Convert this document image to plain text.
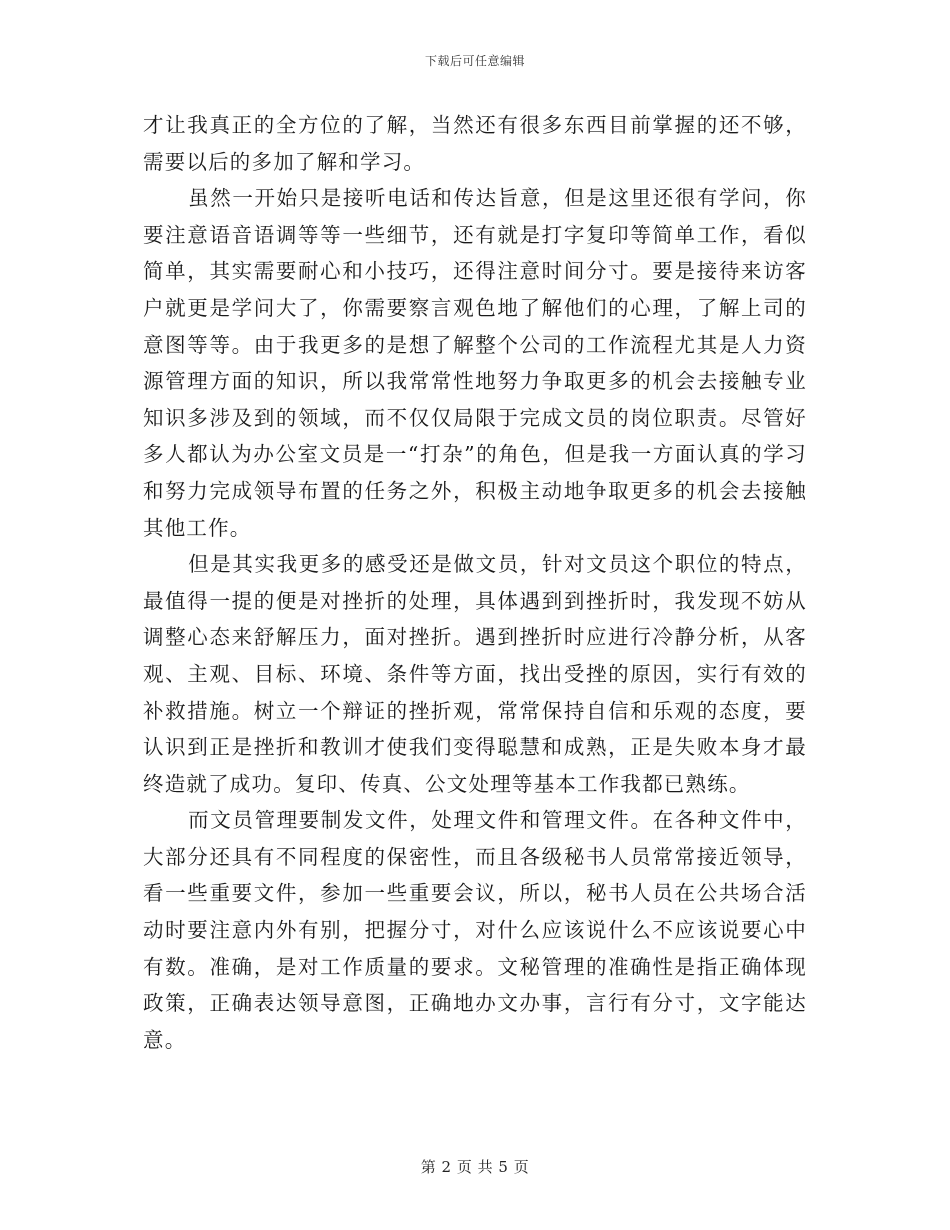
下载后可任意编辑

才让我真正的全方位的了解，当然还有很多东西目前掌握的还不够，需要以后的多加了解和学习。

虽然一开始只是接听电话和传达旨意，但是这里还很有学问，你要注意语音语调等等一些细节，还有就是打字复印等简单工作，看似简单，其实需要耐心和小技巧，还得注意时间分寸。要是接待来访客户就更是学问大了，你需要察言观色地了解他们的心理，了解上司的意图等等。由于我更多的是想了解整个公司的工作流程尤其是人力资源管理方面的知识，所以我常常性地努力争取更多的机会去接触专业知识多涉及到的领域，而不仅仅局限于完成文员的岗位职责。尽管好多人都认为办公室文员是一“打杂”的角色，但是我一方面认真的学习和努力完成领导布置的任务之外，积极主动地争取更多的机会去接触其他工作。

但是其实我更多的感受还是做文员，针对文员这个职位的特点，最值得一提的便是对挫折的处理，具体遇到到挫折时，我发现不妨从调整心态来舒解压力，面对挫折。遇到挫折时应进行冷静分析，从客观、主观、目标、环境、条件等方面，找出受挫的原因，实行有效的补救措施。树立一个辩证的挫折观，常常保持自信和乐观的态度，要认识到正是挫折和教训才使我们变得聪慧和成熟，正是失败本身才最终造就了成功。复印、传真、公文处理等基本工作我都已熟练。

而文员管理要制发文件，处理文件和管理文件。在各种文件中，大部分还具有不同程度的保密性，而且各级秘书人员常常接近领导，看一些重要文件，参加一些重要会议，所以，秘书人员在公共场合活动时要注意内外有别，把握分寸，对什么应该说什么不应该说要心中有数。准确，是对工作质量的要求。文秘管理的准确性是指正确体现政策，正确表达领导意图，正确地办文办事，言行有分寸，文字能达意。

第 2 页 共 5 页
